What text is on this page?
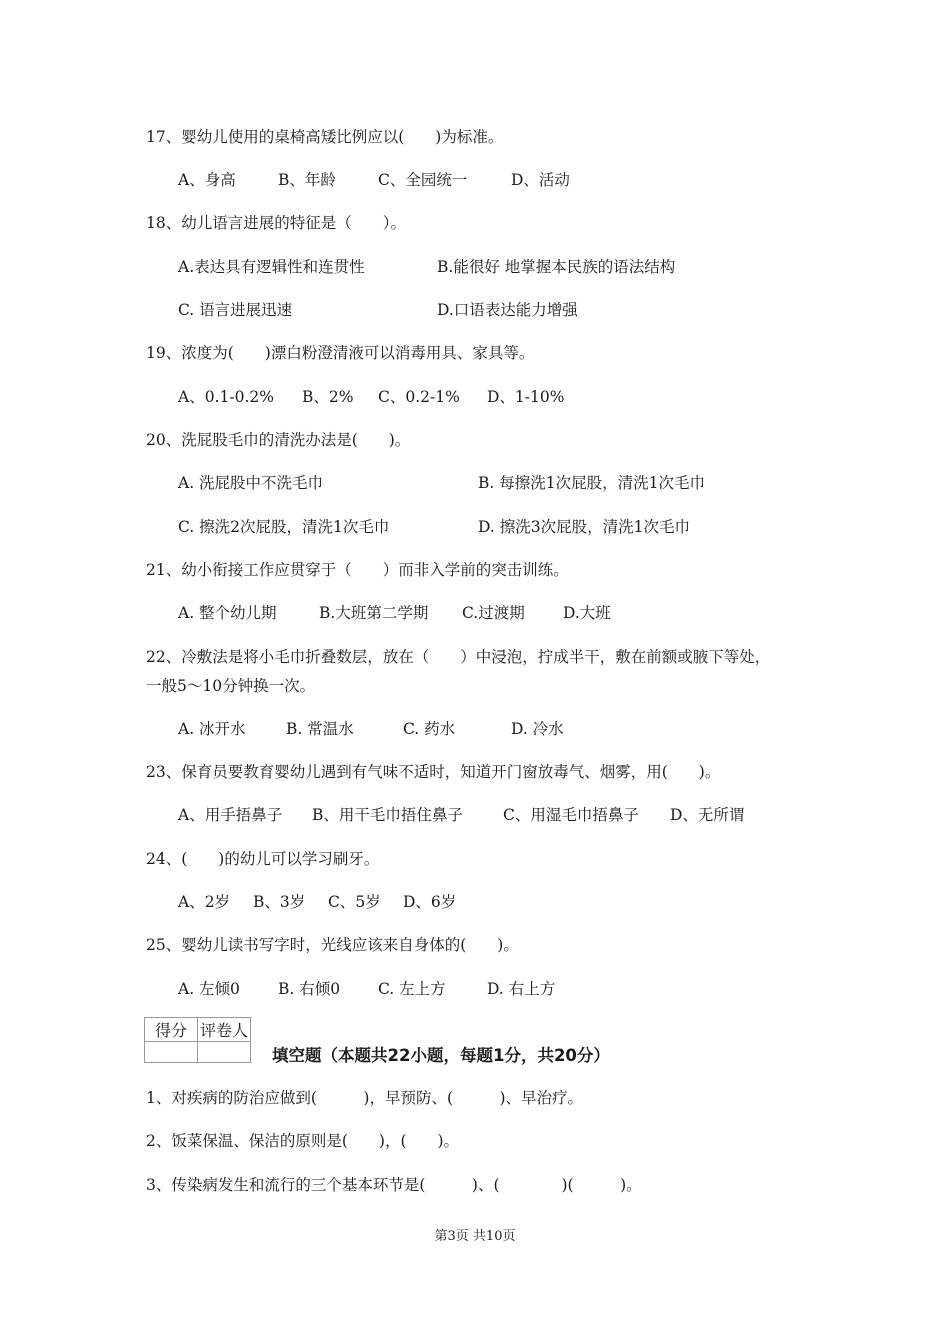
17、婴幼儿使用的桌椅高矮比例应以(　　)为标准。
A、身高	B、年龄	C、全园统一	D、活动
18、幼儿语言进展的特征是（　　）。
A.表达具有逻辑性和连贯性	B.能很好 地掌握本民族的语法结构
C. 语言进展迅速	D.口语表达能力增强
19、浓度为(　　)漂白粉澄清液可以消毒用具、家具等。
A、0.1-0.2% B、2% C、0.2-1% D、1-10%
20、洗屁股毛巾的清洗办法是(　　)。
A. 洗屁股中不洗毛巾	B. 每擦洗1次屁股，清洗1次毛巾
C. 擦洗2次屁股，清洗1次毛巾	D. 擦洗3次屁股，清洗1次毛巾
21、幼小衔接工作应贯穿于（　　）而非入学前的突击训练。
A. 整个幼儿期	B.大班第二学期 C.过渡期 D.大班
22、冷敷法是将小毛巾折叠数层，放在（　　）中浸泡，拧成半干，敷在前额或腋下等处，
一般5～10分钟换一次。
A. 冰开水	B. 常温水	C. 药水	D. 冷水
23、保育员要教育婴幼儿遇到有气味不适时，知道开门窗放毒气、烟雾，用(　　)。
A、用手捂鼻子 B、用干毛巾捂住鼻子	C、用湿毛巾捂鼻子 D、无所谓
24、(　　)的幼儿可以学习刷牙。
A、2岁 B、3岁 C、5岁 D、6岁
25、婴幼儿读书写字时，光线应该来自身体的(　　)。
A. 左倾0 B. 右倾0 C. 左上方	D. 右上方
得分	评卷人

填空题（本题共22小题，每题1分，共20分）
1、对疾病的防治应做到(　　　)，早预防、(　　　)、早治疗。
2、饭菜保温、保洁的原则是(　　)，(　　)。
3、传染病发生和流行的三个基本环节是(　　　)、(　　　　)(　　　)。
第3页 共10页
